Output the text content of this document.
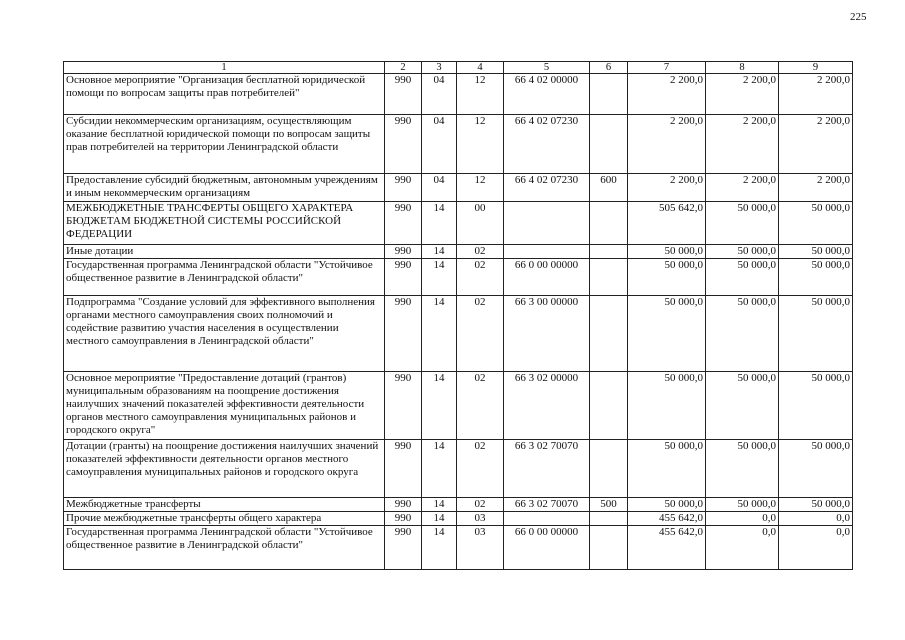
225
1	2	3	4	5	6	7	8	9
Основное мероприятие "Организация бесплатной юридической помощи по вопросам защиты прав потребителей"	990	04	12	66 4 02 00000		2 200,0	2 200,0	2 200,0
Субсидии некоммерческим организациям, осуществляющим оказание бесплатной юридической помощи по вопросам защиты прав потребителей на территории Ленинградской области	990	04	12	66 4 02 07230		2 200,0	2 200,0	2 200,0
Предоставление субсидий бюджетным, автономным учреждениям и иным некоммерческим организациям	990	04	12	66 4 02 07230	600	2 200,0	2 200,0	2 200,0
МЕЖБЮДЖЕТНЫЕ ТРАНСФЕРТЫ ОБЩЕГО ХАРАКТЕРА БЮДЖЕТАМ БЮДЖЕТНОЙ СИСТЕМЫ РОССИЙСКОЙ ФЕДЕРАЦИИ	990	14	00			505 642,0	50 000,0	50 000,0
Иные дотации	990	14	02			50 000,0	50 000,0	50 000,0
Государственная программа Ленинградской области "Устойчивое общественное развитие в Ленинградской области"	990	14	02	66 0 00 00000		50 000,0	50 000,0	50 000,0
Подпрограмма "Создание условий для эффективного выполнения органами местного самоуправления своих полномочий и содействие развитию участия населения в осуществлении местного самоуправления в Ленинградской области"	990	14	02	66 3 00 00000		50 000,0	50 000,0	50 000,0
Основное мероприятие "Предоставление дотаций (грантов) муниципальным образованиям на поощрение достижения наилучших значений показателей эффективности деятельности органов местного самоуправления муниципальных районов и городского округа"	990	14	02	66 3 02 00000		50 000,0	50 000,0	50 000,0
Дотации (гранты) на поощрение достижения наилучших значений показателей эффективности деятельности органов местного самоуправления муниципальных районов и городского округа	990	14	02	66 3 02 70070		50 000,0	50 000,0	50 000,0
Межбюджетные трансферты	990	14	02	66 3 02 70070	500	50 000,0	50 000,0	50 000,0
Прочие межбюджетные трансферты общего характера	990	14	03			455 642,0	0,0	0,0
Государственная программа Ленинградской области "Устойчивое общественное развитие в Ленинградской области"	990	14	03	66 0 00 00000		455 642,0	0,0	0,0
